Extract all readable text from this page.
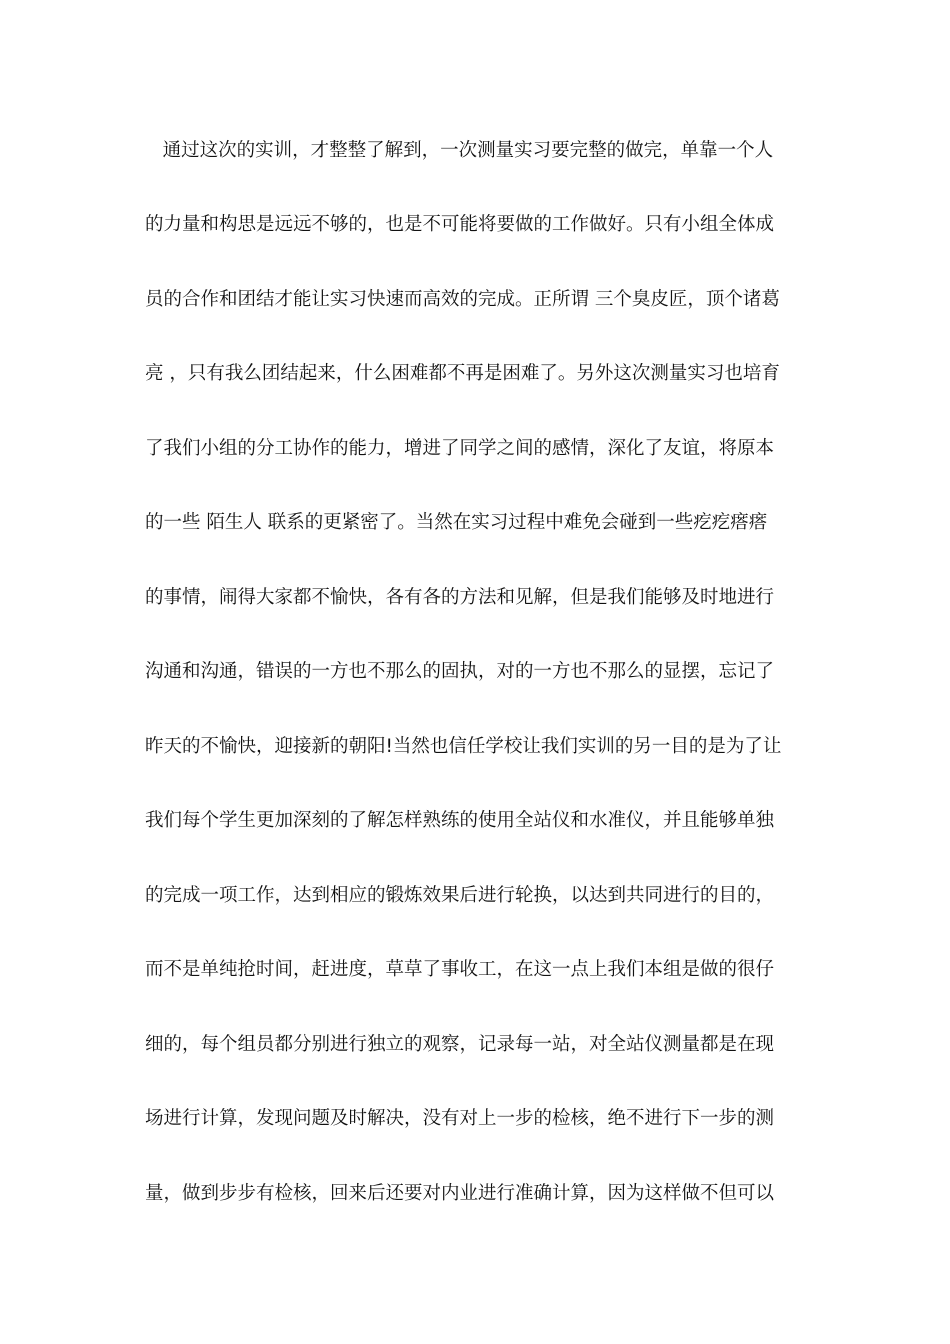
通过这次的实训，才整整了解到，一次测量实习要完整的做完，单靠一个人
的力量和构思是远远不够的，也是不可能将要做的工作做好。只有小组全体成
员的合作和团结才能让实习快速而高效的完成。正所谓 三个臭皮匠，顶个诸葛
亮 ，只有我么团结起来，什么困难都不再是困难了。另外这次测量实习也培育
了我们小组的分工协作的能力，增进了同学之间的感情，深化了友谊，将原本
的一些 陌生人 联系的更紧密了。当然在实习过程中难免会碰到一些疙疙瘩瘩
的事情，闹得大家都不愉快，各有各的方法和见解，但是我们能够及时地进行
沟通和沟通，错误的一方也不那么的固执，对的一方也不那么的显摆，忘记了
昨天的不愉快，迎接新的朝阳!当然也信任学校让我们实训的另一目的是为了让
我们每个学生更加深刻的了解怎样熟练的使用全站仪和水准仪，并且能够单独
的完成一项工作，达到相应的锻炼效果后进行轮换，以达到共同进行的目的，
而不是单纯抢时间，赶进度，草草了事收工，在这一点上我们本组是做的很仔
细的，每个组员都分别进行独立的观察，记录每一站，对全站仪测量都是在现
场进行计算，发现问题及时解决，没有对上一步的检核，绝不进行下一步的测
量，做到步步有检核，回来后还要对内业进行准确计算，因为这样做不但可以
